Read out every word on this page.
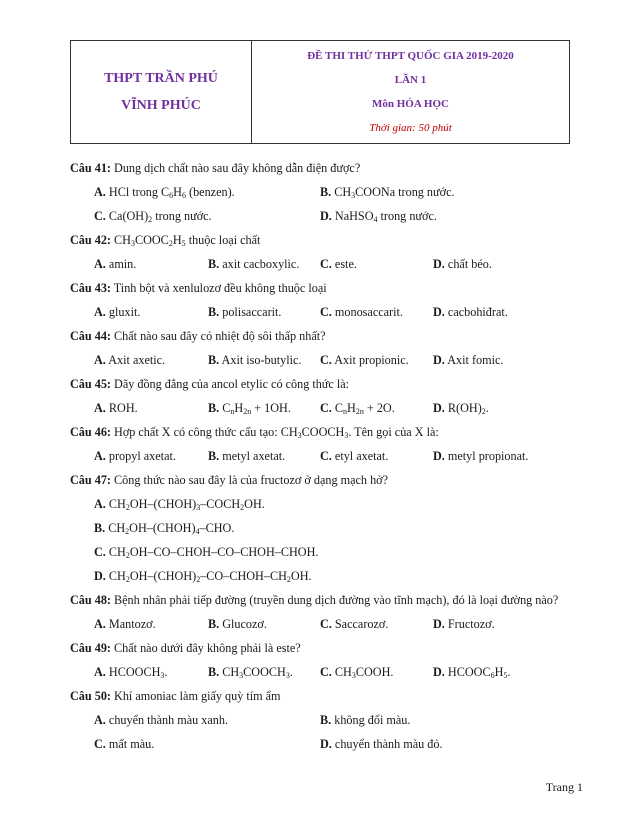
THPT TRẦN PHÚ
VĨNH PHÚC
ĐỀ THI THỬ THPT QUỐC GIA 2019-2020
LẦN 1
Môn HÓA HỌC
Thời gian: 50 phút
Câu 41: Dung dịch chất nào sau đây không dẫn điện được?
A. HCl trong $C_6H_6$ (benzen).	B. $CH_3COONa$ trong nước.
C. $Ca(OH)_2$ trong nước.	D. NaHSO$_4$ trong nước.
Câu 42: $CH_3COOC_2H_5$ thuộc loại chất
A. amin.	B. axit cacboxylic. C. este.	D. chất béo.
Câu 43: Tinh bột và xenlulozơ đều không thuộc loại
A. gluxit.	B. polisaccarit.	C. monosaccarit. D. cacbohiđrat.
Câu 44: Chất nào sau đây có nhiệt độ sôi thấp nhất?
A. Axit axetic.	B. Axit iso-butylic. C. Axit propionic. D. Axit fomic.
Câu 45: Dãy đồng đẳng của ancol etylic có công thức là:
A. ROH.	B. $C_nH_{2n} + 1OH$. C. $C_nH_{2n} + 2O$.	D. $R(OH)_2$.
Câu 46: Hợp chất X có công thức cấu tạo: $CH_3COOCH_3$. Tên gọi của X là:
A. propyl axetat.	B. metyl axetat.	C. etyl axetat.	D. metyl propionat.
Câu 47: Công thức nào sau đây là của fructozơ ở dạng mạch hở?
A. $CH_2OH-(CHOH)_3-COCH_2OH$.
B. $CH_2OH-(CHOH)_4$–CHO.
C. $CH_2OH-CO-CHOH-CO-CHOH$–CHOH.
D. $CH_2OH-(CHOH)_2-CO-CHOH-CH_2OH$.
Câu 48: Bệnh nhân phải tiếp đường (truyền dung dịch đường vào tĩnh mạch), đó là loại đường nào?
A. Mantozơ.	B. Glucozơ.	C. Saccarozơ.	D. Fructozơ.
Câu 49: Chất nào dưới đây không phải là este?
A. $HCOOCH_3$.	B. $CH_3COOCH_3$. C. $CH_3COOH$.	D. $HCOOC_6H_5$.
Câu 50: Khí amoniac làm giấy quỳ tím ẩm
A. chuyển thành màu xanh.	B. không đổi màu.
C. mất màu.	D. chuyển thành màu đỏ.
Trang 1
